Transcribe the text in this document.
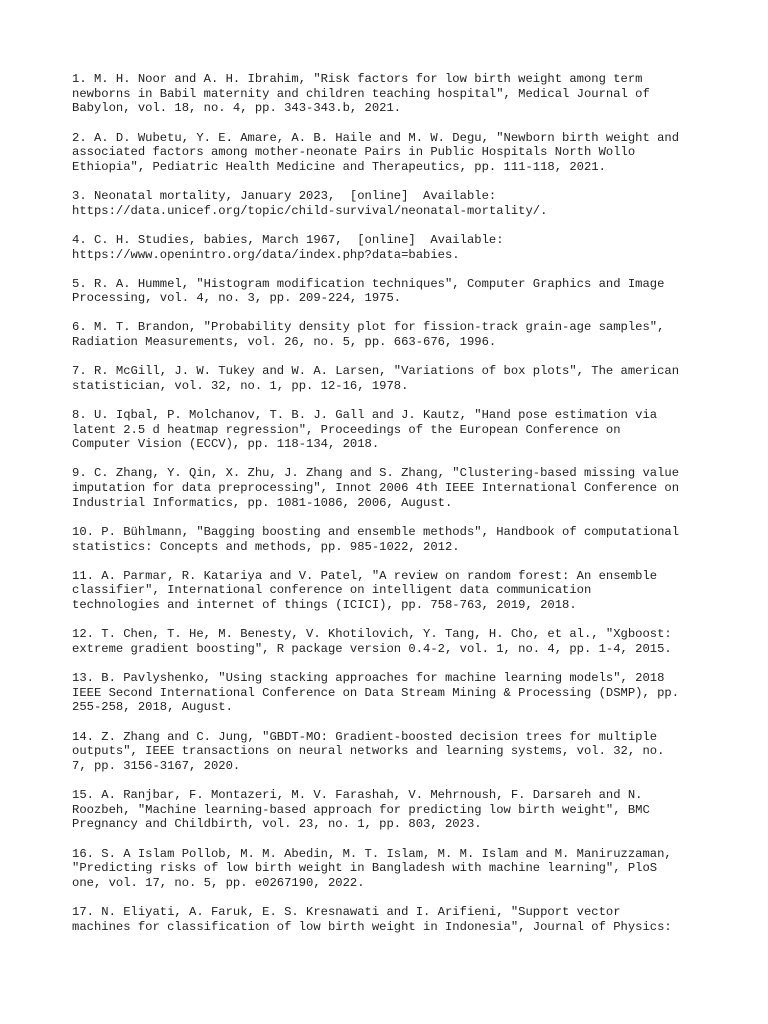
1. M. H. Noor and A. H. Ibrahim, "Risk factors for low birth weight among term
newborns in Babil maternity and children teaching hospital", Medical Journal of
Babylon, vol. 18, no. 4, pp. 343-343.b, 2021.

2. A. D. Wubetu, Y. E. Amare, A. B. Haile and M. W. Degu, "Newborn birth weight and
associated factors among mother-neonate Pairs in Public Hospitals North Wollo
Ethiopia", Pediatric Health Medicine and Therapeutics, pp. 111-118, 2021.

3. Neonatal mortality, January 2023,  [online]  Available:
https://data.unicef.org/topic/child-survival/neonatal-mortality/.

4. C. H. Studies, babies, March 1967,  [online]  Available:
https://www.openintro.org/data/index.php?data=babies.

5. R. A. Hummel, "Histogram modification techniques", Computer Graphics and Image
Processing, vol. 4, no. 3, pp. 209-224, 1975.

6. M. T. Brandon, "Probability density plot for fission-track grain-age samples",
Radiation Measurements, vol. 26, no. 5, pp. 663-676, 1996.

7. R. McGill, J. W. Tukey and W. A. Larsen, "Variations of box plots", The american
statistician, vol. 32, no. 1, pp. 12-16, 1978.

8. U. Iqbal, P. Molchanov, T. B. J. Gall and J. Kautz, "Hand pose estimation via
latent 2.5 d heatmap regression", Proceedings of the European Conference on
Computer Vision (ECCV), pp. 118-134, 2018.

9. C. Zhang, Y. Qin, X. Zhu, J. Zhang and S. Zhang, "Clustering-based missing value
imputation for data preprocessing", Innot 2006 4th IEEE International Conference on
Industrial Informatics, pp. 1081-1086, 2006, August.

10. P. Bühlmann, "Bagging boosting and ensemble methods", Handbook of computational
statistics: Concepts and methods, pp. 985-1022, 2012.

11. A. Parmar, R. Katariya and V. Patel, "A review on random forest: An ensemble
classifier", International conference on intelligent data communication
technologies and internet of things (ICICI), pp. 758-763, 2019, 2018.

12. T. Chen, T. He, M. Benesty, V. Khotilovich, Y. Tang, H. Cho, et al., "Xgboost:
extreme gradient boosting", R package version 0.4-2, vol. 1, no. 4, pp. 1-4, 2015.

13. B. Pavlyshenko, "Using stacking approaches for machine learning models", 2018
IEEE Second International Conference on Data Stream Mining & Processing (DSMP), pp.
255-258, 2018, August.

14. Z. Zhang and C. Jung, "GBDT-MO: Gradient-boosted decision trees for multiple
outputs", IEEE transactions on neural networks and learning systems, vol. 32, no.
7, pp. 3156-3167, 2020.

15. A. Ranjbar, F. Montazeri, M. V. Farashah, V. Mehrnoush, F. Darsareh and N.
Roozbeh, "Machine learning-based approach for predicting low birth weight", BMC
Pregnancy and Childbirth, vol. 23, no. 1, pp. 803, 2023.

16. S. A Islam Pollob, M. M. Abedin, M. T. Islam, M. M. Islam and M. Maniruzzaman,
"Predicting risks of low birth weight in Bangladesh with machine learning", PloS
one, vol. 17, no. 5, pp. e0267190, 2022.

17. N. Eliyati, A. Faruk, E. S. Kresnawati and I. Arifieni, "Support vector
machines for classification of low birth weight in Indonesia", Journal of Physics:
